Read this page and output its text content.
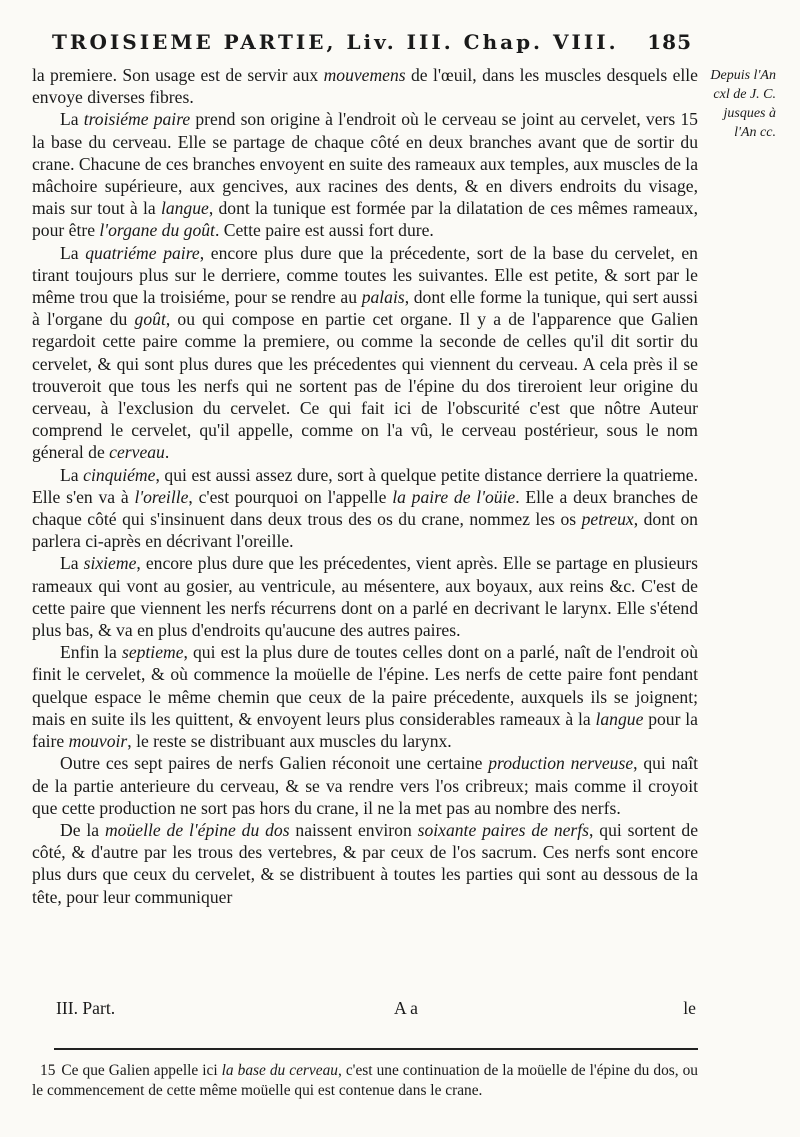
TROISIEME PARTIE, Liv. III. Chap. VIII. 185
Depuis l'An cxl de J. C. jusques à l'An cc.

la premiere. Son usage est de servir aux mouvemens de l'œuil, dans les muscles desquels elle envoye diverses fibres.

La troisiéme paire prend son origine à l'endroit où le cerveau se joint au cervelet, vers 15 la base du cerveau. Elle se partage de chaque côté en deux branches avant que de sortir du crane. Chacune de ces branches envoyent en suite des rameaux aux temples, aux muscles de la mâchoire supérieure, aux gencives, aux racines des dents, & en divers endroits du visage, mais sur tout à la langue, dont la tunique est formée par la dilatation de ces mêmes rameaux, pour être l'organe du goût. Cette paire est aussi fort dure.

La quatriéme paire, encore plus dure que la précedente, sort de la base du cervelet, en tirant toujours plus sur le derriere, comme toutes les suivantes. Elle est petite, & sort par le même trou que la troisiéme, pour se rendre au palais, dont elle forme la tunique, qui sert aussi à l'organe du goût, ou qui compose en partie cet organe. Il y a de l'apparence que Galien regardoit cette paire comme la premiere, ou comme la seconde de celles qu'il dit sortir du cervelet, & qui sont plus dures que les précedentes qui viennent du cerveau. A cela près il se trouveroit que tous les nerfs qui ne sortent pas de l'épine du dos tireroient leur origine du cerveau, à l'exclusion du cervelet. Ce qui fait ici de l'obscurité c'est que nôtre Auteur comprend le cervelet, qu'il appelle, comme on l'a vû, le cerveau postérieur, sous le nom géneral de cerveau.

La cinquiéme, qui est aussi assez dure, sort à quelque petite distance derriere la quatrieme. Elle s'en va à l'oreille, c'est pourquoi on l'appelle la paire de l'oüie. Elle a deux branches de chaque côté qui s'insinuent dans deux trous des os du crane, nommez les os petreux, dont on parlera ci-après en décrivant l'oreille.

La sixieme, encore plus dure que les précedentes, vient après. Elle se partage en plusieurs rameaux qui vont au gosier, au ventricule, au mésentere, aux boyaux, aux reins &c. C'est de cette paire que viennent les nerfs récurrens dont on a parlé en decrivant le larynx. Elle s'étend plus bas, & va en plus d'endroits qu'aucune des autres paires.

Enfin la septieme, qui est la plus dure de toutes celles dont on a parlé, naît de l'endroit où finit le cervelet, & où commence la moüelle de l'épine. Les nerfs de cette paire font pendant quelque espace le même chemin que ceux de la paire précedente, auxquels ils se joignent; mais en suite ils les quittent, & envoyent leurs plus considerables rameaux à la langue pour la faire mouvoir, le reste se distribuant aux muscles du larynx.

Outre ces sept paires de nerfs Galien réconoit une certaine production nerveuse, qui naît de la partie anterieure du cerveau, & se va rendre vers l'os cribreux; mais comme il croyoit que cette production ne sort pas hors du crane, il ne la met pas au nombre des nerfs.

De la moüelle de l'épine du dos naissent environ soixante paires de nerfs, qui sortent de côté, & d'autre par les trous des vertebres, & par ceux de l'os sacrum. Ces nerfs sont encore plus durs que ceux du cervelet, & se distribuent à toutes les parties qui sont au dessous de la tête, pour leur communiquer

III. Part.	A a	le
15 Ce que Galien appelle ici la base du cerveau, c'est une continuation de la moüelle de l'épine du dos, ou le commencement de cette même moüelle qui est contenue dans le crane.
